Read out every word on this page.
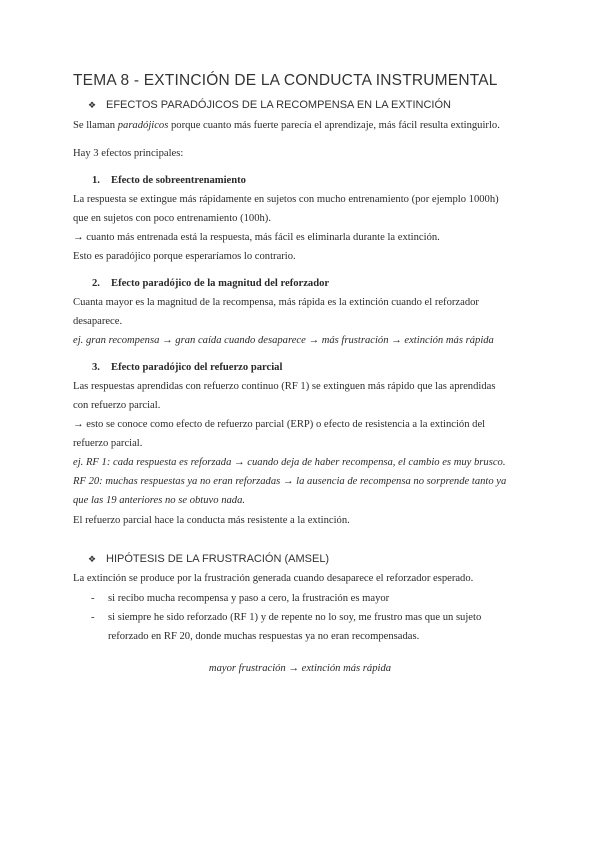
TEMA 8 - EXTINCIÓN DE LA CONDUCTA INSTRUMENTAL
❖ EFECTOS PARADÓJICOS DE LA RECOMPENSA EN LA EXTINCIÓN
Se llaman paradójicos porque cuanto más fuerte parecía el aprendizaje, más fácil resulta extinguirlo.
Hay 3 efectos principales:
1. Efecto de sobreentrenamiento
La respuesta se extingue más rápidamente en sujetos con mucho entrenamiento (por ejemplo 1000h)
que en sujetos con poco entrenamiento (100h).
→ cuanto más entrenada está la respuesta, más fácil es eliminarla durante la extinción.
Esto es paradójico porque esperaríamos lo contrario.
2. Efecto paradójico de la magnitud del reforzador
Cuanta mayor es la magnitud de la recompensa, más rápida es la extinción cuando el reforzador
desaparece.
ej. gran recompensa → gran caída cuando desaparece → más frustración → extinción más rápida
3. Efecto paradójico del refuerzo parcial
Las respuestas aprendidas con refuerzo continuo (RF 1) se extinguen más rápido que las aprendidas
con refuerzo parcial.
→ esto se conoce como efecto de refuerzo parcial (ERP) o efecto de resistencia a la extinción del
refuerzo parcial.
ej. RF 1: cada respuesta es reforzada → cuando deja de haber recompensa, el cambio es muy brusco.
RF 20: muchas respuestas ya no eran reforzadas → la ausencia de recompensa no sorprende tanto ya
que las 19 anteriores no se obtuvo nada.
El refuerzo parcial hace la conducta más resistente a la extinción.
❖ HIPÓTESIS DE LA FRUSTRACIÓN (AMSEL)
La extinción se produce por la frustración generada cuando desaparece el reforzador esperado.
- si recibo mucha recompensa y paso a cero, la frustración es mayor
- si siempre he sido reforzado (RF 1) y de repente no lo soy, me frustro mas que un sujeto
reforzado en RF 20, donde muchas respuestas ya no eran recompensadas.
mayor frustración → extinción más rápida
